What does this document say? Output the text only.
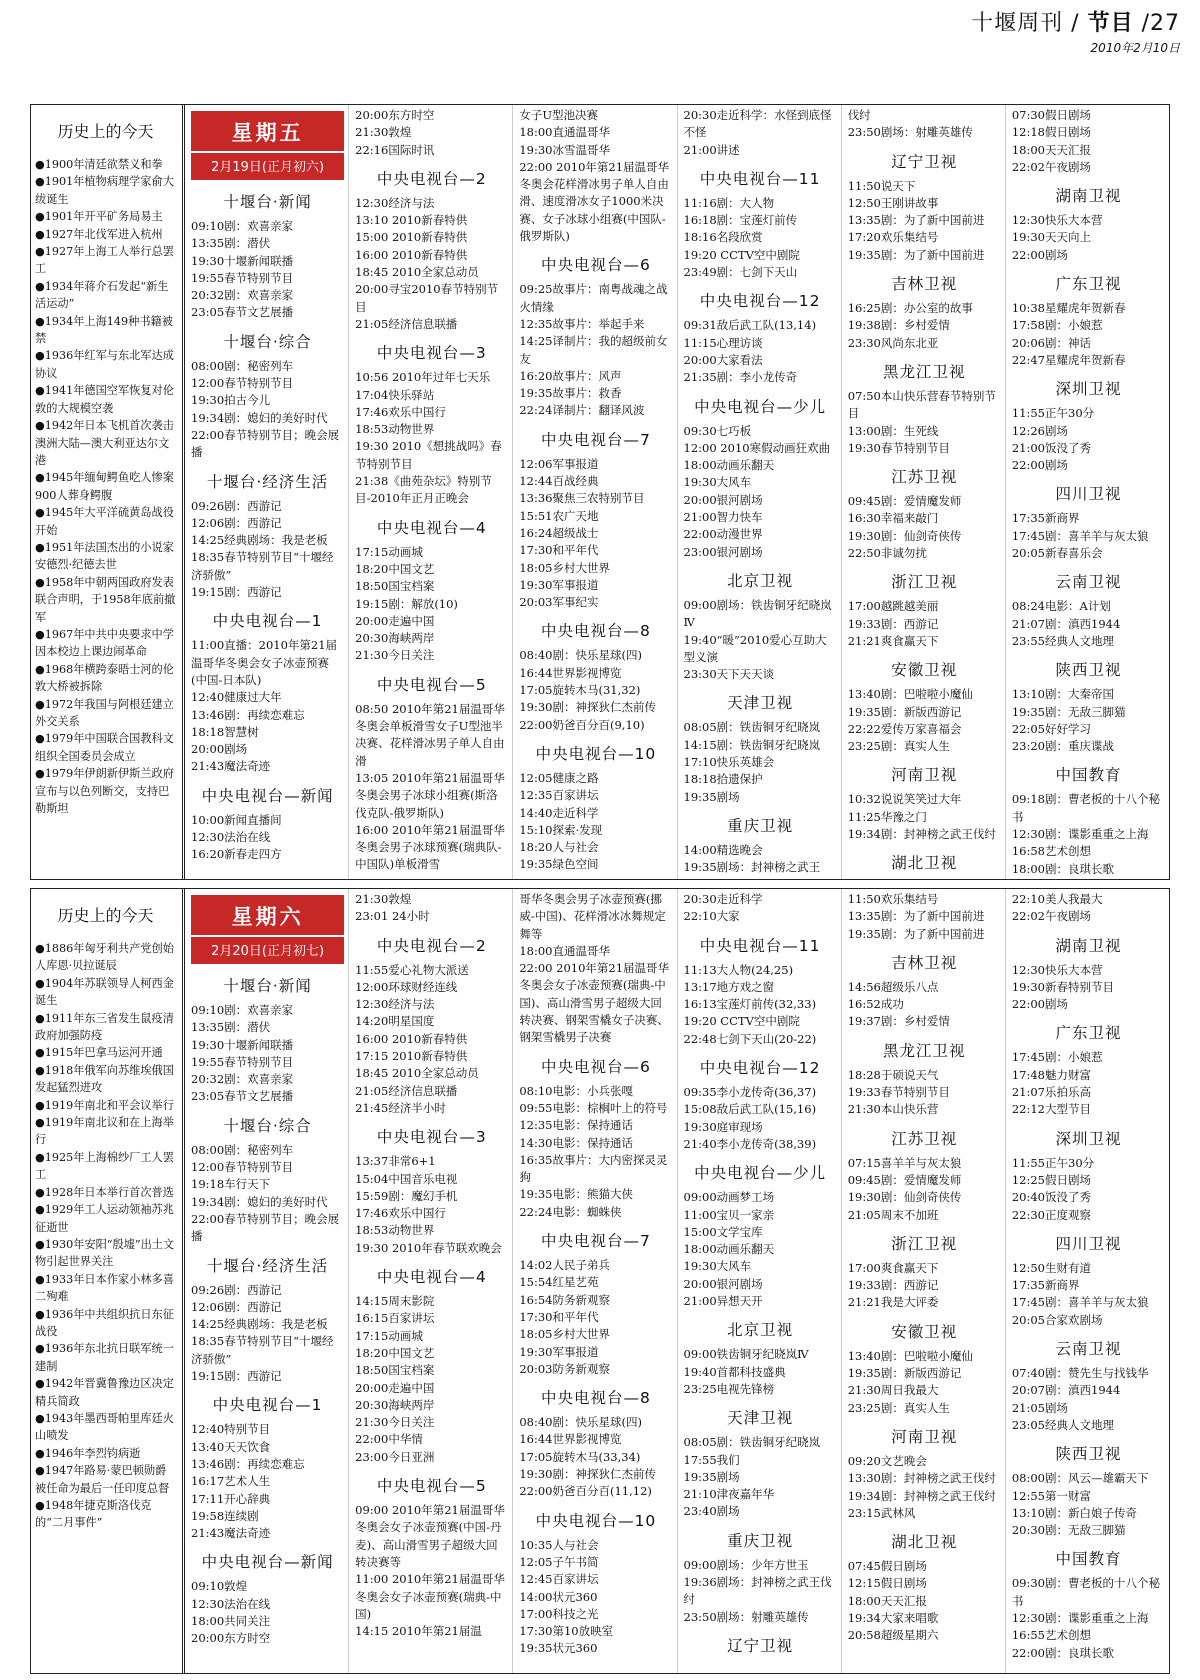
十堰周刊 / 节目 /27
2010年2月10日
历史上的今天
●1900年清廷欲禁义和拳
●1901年植物病理学家俞大绂诞生
●1901年开平矿务局易主
●1927年北伐军进入杭州
●1927年上海工人举行总罢工
●1934年蒋介石发起“新生活运动”
●1934年上海149种书籍被禁
●1936年红军与东北军达成协议
●1941年德国空军恢复对伦敦的大规模空袭
●1942年日本飞机首次袭击澳洲大陆—澳大利亚达尔文港
●1945年缅甸鳄鱼吃人惨案900人葬身鳄腹
●1945年大平洋硫黄岛战役开始
●1951年法国杰出的小说家安德烈·纪德去世
●1958年中朝两国政府发表联合声明，于1958年底前撤军
●1967年中共中央要求中学因本校边上课边闹革命
●1968年横跨泰晤士河的伦敦大桥被拆除
●1972年我国与阿根廷建立外交关系
●1979年中国联合国教科文组织全国委员会成立
●1979年伊朗新伊斯兰政府宣布与以色列断交，支持巴勒斯坦
星期五
2月19日(正月初六)
十堰台·新闻
09:10剧：欢喜亲家
13:35剧：潜伏
19:30十堰新闻联播
19:55春节特别节目
20:32剧：欢喜亲家
23:05春节文艺展播
十堰台·综合
08:00剧：秘密列车
12:00春节特别节目
19:30拍古今儿
19:34剧：媳妇的美好时代
22:00春节特别节目；晚会展播
十堰台·经济生活
09:26剧：西游记
12:06剧：西游记
14:25经典剧场：我是老板
18:35春节特别节目“十堰经济骄傲”
19:15剧：西游记
中央电视台—1
11:00直播：2010年第21届温哥华冬奥会女子冰壶预赛(中国-日本队)
12:40健康过大年
13:46剧：再续恋难忘
18:18智慧树
20:00剧场
21:43魔法奇迹
中央电视台—新闻
10:00新闻直播间
12:30法治在线
16:20新春走四方
20:00东方时空
21:30敦煌
22:16国际时讯
中央电视台—2
12:30经济与法
13:10 2010新春特供
15:00 2010新春特供
16:00 2010新春特供
18:45 2010全家总动员
20:00寻宝2010春节特别节目
21:05经济信息联播
中央电视台—3
10:56 2010年过年七天乐
17:04快乐驿站
17:46欢乐中国行
18:53动物世界
19:30 2010《想挑战吗》春节特别节目
21:38《曲苑杂坛》特别节目-2010年正月正晚会
中央电视台—4
17:15动画城
18:20中国文艺
18:50国宝档案
19:15剧：解放(10)
20:00走遍中国
20:30海峡两岸
21:30今日关注
中央电视台—5
08:50 2010年第21届温哥华冬奥会单板滑雪女子U型池半决赛、花样滑冰男子单人自由滑
13:05 2010年第21届温哥华冬奥会男子冰球小组赛(斯洛伐克队-俄罗斯队)
16:00 2010年第21届温哥华冬奥会男子冰球预赛(瑞典队-中国队)单板滑雪
女子U型池决赛
18:00直通温哥华
19:30冰雪温哥华
22:00 2010年第21届温哥华冬奥会花样滑冰男子单人自由滑、速度滑冰女子1000米决赛、女子冰球小组赛(中国队-俄罗斯队)
中央电视台—6
09:25故事片：南粤战魂之战火情缘
12:35故事片：举起手来
14:25译制片：我的超级前女友
16:20故事片：风声
19:35故事片：救香
22:24译制片：翻译风波
中央电视台—7
12:06军事报道
12:44百战经典
13:36聚焦三农特别节目
15:51农广天地
16:24超级战士
17:30和平年代
18:05乡村大世界
19:30军事报道
20:03军事纪实
中央电视台—8
08:40剧：快乐星球(四)
16:44世界影视博览
17:05旋转木马(31,32)
19:30剧：神探狄仁杰前传
22:00奶爸百分百(9,10)
中央电视台—10
12:05健康之路
12:35百家讲坛
14:40走近科学
15:10探索·发现
18:20人与社会
19:35绿色空间
20:30走近科学：水怪到底怪不怪
21:00讲述
中央电视台—11
11:16剧：大人物
16:18剧：宝莲灯前传
18:16名段欣赏
19:20 CCTV空中剧院
23:49剧：七剑下天山
中央电视台—12
09:31敌后武工队(13,14)
11:15心理访谈
20:00大家看法
21:35剧：李小龙传奇
中央电视台—少儿
09:30七巧板
12:00 2010寒假动画狂欢曲
18:00动画乐翻天
19:30大风车
20:00银河剧场
21:00智力快车
22:00动漫世界
23:00银河剧场
北京卫视
09:00剧场：铁齿铜牙纪晓岚Ⅳ
19:40“暖”2010爱心互助大型义演
23:30天下天天谈
天津卫视
08:05剧：铁齿铜牙纪晓岚
14:15剧：铁齿铜牙纪晓岚
17:10快乐英雄会
18:18拾遗保护
19:35剧场
重庆卫视
14:00精选晚会
19:35剧场：封神榜之武王
伐纣
23:50剧场：射雕英雄传
辽宁卫视
11:50说天下
12:50王刚讲故事
13:35剧：为了新中国前进
17:20欢乐集结号
19:35剧：为了新中国前进
吉林卫视
16:25剧：办公室的故事
19:38剧：乡村爱情
23:30风尚东北亚
黑龙江卫视
07:50本山快乐营春节特别节目
13:00剧：生死线
19:30春节特别节目
江苏卫视
09:45剧：爱情魔发师
16:30幸福来敲门
19:30剧：仙剑奇侠传
22:50非诚勿扰
浙江卫视
17:00越跳越美丽
19:33剧：西游记
21:21爽食赢天下
安徽卫视
13:40剧：巴啦啦小魔仙
19:35剧：新版西游记
22:22爱传万家喜福会
23:25剧：真实人生
河南卫视
10:32说说笑笑过大年
11:25华豫之门
19:34剧：封神榜之武王伐纣
湖北卫视
07:30假日剧场
12:18假日剧场
18:00天天汇报
22:02午夜剧场
湖南卫视
12:30快乐大本营
19:30天天向上
22:00剧场
广东卫视
10:38星耀虎年贺新春
17:58剧：小娘惹
20:06剧：神话
22:47星耀虎年贺新春
深圳卫视
11:55正午30分
12:26剧场
21:00饭没了秀
22:00剧场
四川卫视
17:35新商界
17:45剧：喜羊羊与灰太狼
20:05新春喜乐会
云南卫视
08:24电影：A计划
21:07剧：滇西1944
23:55经典人文地理
陕西卫视
13:10剧：大秦帝国
19:35剧：无敌三脚猫
22:05好好学习
23:20剧：重庆谍战
中国教育
09:18剧：曹老板的十八个秘书
12:30剧：谍影重重之上海
16:58艺术创想
18:00剧：良琪长歌
历史上的今天
●1886年匈牙利共产党创始人库恩·贝拉诞辰
●1904年苏联领导人柯西金诞生
●1911年东三省发生鼠疫清政府加强防疫
●1915年巴拿马运河开通
●1918年俄军向苏维埃俄国发起猛烈进攻
●1919年南北和平会议举行
●1919年南北议和在上海举行
●1925年上海棉纱厂工人罢工
●1928年日本举行首次普选
●1929年工人运动领袖苏兆征逝世
●1930年安阳“殷墟”出土文物引起世界关注
●1933年日本作家小林多喜二殉难
●1936年中共组织抗日东征战役
●1936年东北抗日联军统一建制
●1942年晋冀鲁豫边区决定精兵简政
●1943年墨西哥帕里库廷火山喷发
●1946年李烈钧病逝
●1947年路易·蒙巴顿勋爵被任命为最后一任印度总督
●1948年捷克斯洛伐克的“二月事件”
星期六
2月20日(正月初七)
十堰台·新闻
09:10剧：欢喜亲家
13:35剧：潜伏
19:30十堰新闻联播
19:55春节特别节目
20:32剧：欢喜亲家
23:05春节文艺展播
十堰台·综合
08:00剧：秘密列车
12:00春节特别节目
19:18车行天下
19:34剧：媳妇的美好时代
22:00春节特别节目；晚会展播
十堰台·经济生活
09:26剧：西游记
12:06剧：西游记
14:25经典剧场：我是老板
18:35春节特别节目“十堰经济骄傲”
19:15剧：西游记
中央电视台—1
12:40特别节目
13:40天天饮食
13:46剧：再续恋难忘
16:17艺术人生
17:11开心辞典
19:58连续剧
21:43魔法奇迹
中央电视台—新闻
09:10敦煌
12:30法治在线
18:00共同关注
20:00东方时空
21:30敦煌
23:01 24小时
中央电视台—2
11:55爱心礼物大派送
12:00环球财经连线
12:30经济与法
14:20明星国度
16:00 2010新春特供
17:15 2010新春特供
18:45 2010全家总动员
21:05经济信息联播
21:45经济半小时
中央电视台—3
13:37非常6+1
15:04中国音乐电视
15:59剧：魔幻手机
17:46欢乐中国行
18:53动物世界
19:30 2010年春节联欢晚会
中央电视台—4
14:15周末影院
16:15百家讲坛
17:15动画城
18:20中国文艺
18:50国宝档案
20:00走遍中国
20:30海峡两岸
21:30今日关注
22:00中华情
23:00今日亚洲
中央电视台—5
09:00 2010年第21届温哥华冬奥会女子冰壶预赛(中国-丹麦)、高山滑雪男子超级大回转决赛等
11:00 2010年第21届温哥华冬奥会女子冰壶预赛(瑞典-中国)
14:15 2010年第21届温
哥华冬奥会男子冰壶预赛(挪威-中国)、花样滑冰冰舞规定舞等
18:00直通温哥华
22:00 2010年第21届温哥华冬奥会女子冰壶预赛(瑞典-中国)、高山滑雪男子超级大回转决赛、钢架雪橇女子决赛、钢架雪橇男子决赛
中央电视台—6
08:10电影：小兵张嘎
09:55电影：棕榈叶上的符号
12:35电影：保持通话
14:30电影：保持通话
16:35故事片：大内密探灵灵狗
19:35电影：熊猫大侠
22:24电影：蜘蛛侠
中央电视台—7
14:02人民子弟兵
15:54红星艺苑
16:54防务新观察
17:30和平年代
18:05乡村大世界
19:30军事报道
20:03防务新观察
中央电视台—8
08:40剧：快乐星球(四)
16:44世界影视博览
17:05旋转木马(33,34)
19:30剧：神探狄仁杰前传
22:00奶爸百分百(11,12)
中央电视台—10
10:35人与社会
12:05子午书简
12:45百家讲坛
14:00状元360
17:00科技之光
17:30第10放映室
19:35状元360
20:30走近科学
22:10大家
中央电视台—11
11:13大人物(24,25)
13:17地方戏之窗
16:13宝莲灯前传(32,33)
19:20 CCTV空中剧院
22:48七剑下天山(20-22)
中央电视台—12
09:35李小龙传奇(36,37)
15:08敌后武工队(15,16)
19:30庭审现场
21:40李小龙传奇(38,39)
中央电视台—少儿
09:00动画梦工场
11:00宝贝一家亲
15:00文学宝库
18:00动画乐翻天
19:30大风车
20:00银河剧场
21:00异想天开
北京卫视
09:00铁齿铜牙纪晓岚Ⅳ
19:40首都科技盛典
23:25电视先锋榜
天津卫视
08:05剧：铁齿铜牙纪晓岚
17:55我们
19:35剧场
21:10津夜嘉年华
23:40剧场
重庆卫视
09:00剧场：少年方世玉
19:36剧场：封神榜之武王伐纣
23:50剧场：射雕英雄传
辽宁卫视
11:50欢乐集结号
13:35剧：为了新中国前进
19:35剧：为了新中国前进
吉林卫视
14:56超级乐八点
16:52成功
19:37剧：乡村爱情
黑龙江卫视
18:28于硕说天气
19:33春节特别节目
21:30本山快乐营
江苏卫视
07:15喜羊羊与灰太狼
09:45剧：爱情魔发师
19:30剧：仙剑奇侠传
21:05周末不加班
浙江卫视
17:00爽食赢天下
19:33剧：西游记
21:21我是大评委
安徽卫视
13:40剧：巴啦啦小魔仙
19:35剧：新版西游记
21:30周日我最大
23:25剧：真实人生
河南卫视
09:20文艺晚会
13:30剧：封神榜之武王伐纣
19:34剧：封神榜之武王伐纣
23:15武林风
湖北卫视
07:45假日剧场
12:15假日剧场
18:00天天汇报
19:34大家来唱歌
20:58超级星期六
22:10美人我最大
22:02午夜剧场
湖南卫视
12:30快乐大本营
19:30新春特别节目
22:00剧场
广东卫视
17:45剧：小娘惹
17:48魅力财富
21:07乐拍乐高
22:12大型节目
深圳卫视
11:55正午30分
12:25假日剧场
20:40饭没了秀
22:30正度观察
四川卫视
12:50生财有道
17:35新商界
17:45剧：喜羊羊与灰太狼
20:05合家欢剧场
云南卫视
07:40剧：赞先生与找钱华
20:07剧：滇西1944
21:05剧场
23:05经典人文地理
陕西卫视
08:00剧：风云—雄霸天下
12:55第一财富
13:10剧：新白娘子传奇
20:30剧：无敌三脚猫
中国教育
09:30剧：曹老板的十八个秘书
12:30剧：谍影重重之上海
16:55艺术创想
22:00剧：良琪长歌
